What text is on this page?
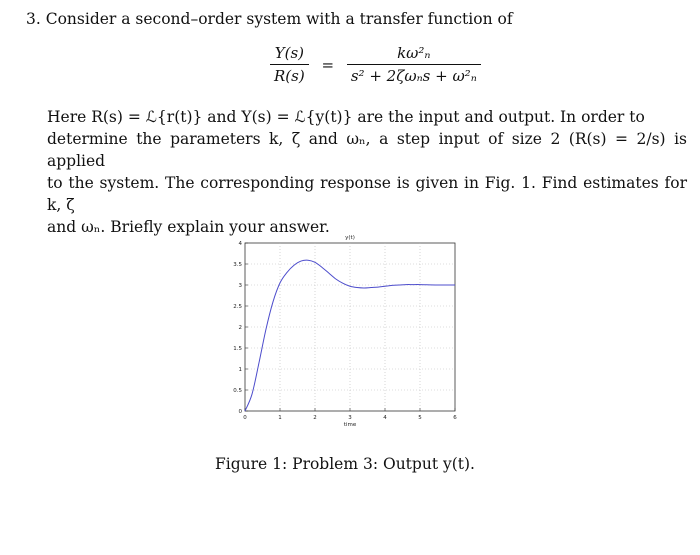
3. Consider a second–order system with a transfer function of
$\frac{Y(s)}{R(s)} = \frac{\text{kω²ₙ}}{\text{s² + 2ζωₙs + ω²ₙ}}$
Here R(s) = ℒ{r(t)} and Y(s) = ℒ{y(t)} are the input and output. In order to
determine the parameters k, ζ and ωₙ, a step input of size 2 (R(s) = 2/s) is applied
to the system. The corresponding response is given in Fig. 1. Find estimates for k, ζ
and ωₙ. Briefly explain your answer.
0	1	2	3	4	5	6
0
0.5
1
1.5
2
2.5
3
3.5
4
y(t)
time
Figure 1: Problem 3: Output y(t).
